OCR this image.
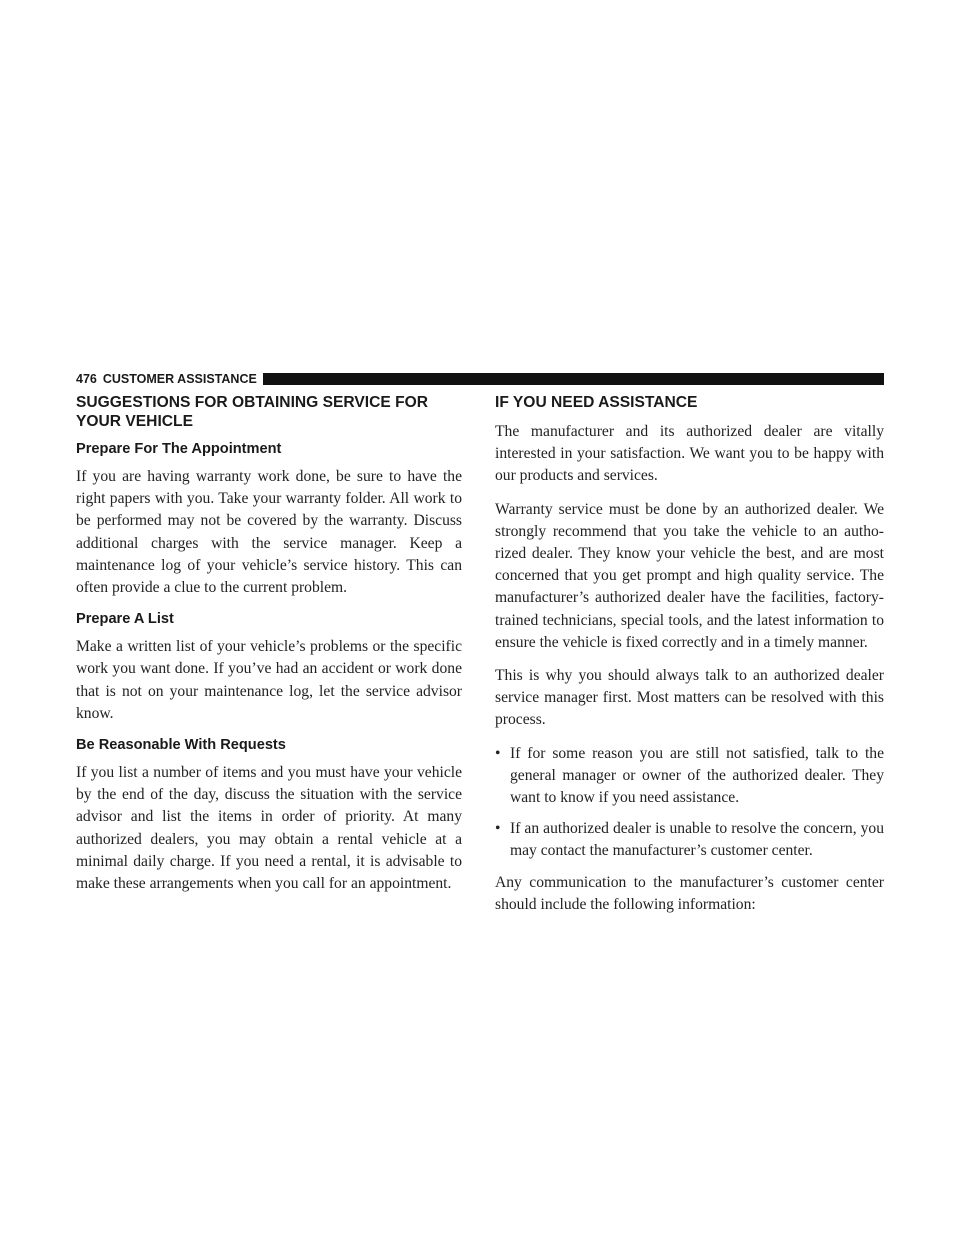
476 CUSTOMER ASSISTANCE
SUGGESTIONS FOR OBTAINING SERVICE FOR YOUR VEHICLE
Prepare For The Appointment

If you are having warranty work done, be sure to have the right papers with you. Take your warranty folder. All work to be performed may not be covered by the warranty. Discuss additional charges with the service manager. Keep a maintenance log of your vehicle’s service history. This can often provide a clue to the current problem.

Prepare A List

Make a written list of your vehicle’s problems or the specific work you want done. If you’ve had an accident or work done that is not on your maintenance log, let the service advisor know.

Be Reasonable With Requests

If you list a number of items and you must have your vehicle by the end of the day, discuss the situation with the service advisor and list the items in order of priority. At many authorized dealers, you may obtain a rental vehicle at a minimal daily charge. If you need a rental, it is advisable to make these arrangements when you call for an appointment.

IF YOU NEED ASSISTANCE

The manufacturer and its authorized dealer are vitally interested in your satisfaction. We want you to be happy with our products and services.

Warranty service must be done by an authorized dealer. We strongly recommend that you take the vehicle to an autho-rized dealer. They know your vehicle the best, and are most concerned that you get prompt and high quality service. The manufacturer’s authorized dealer have the facilities, factory-trained technicians, special tools, and the latest information to ensure the vehicle is fixed correctly and in a timely manner.

This is why you should always talk to an authorized dealer service manager first. Most matters can be resolved with this process.

• If for some reason you are still not satisfied, talk to the general manager or owner of the authorized dealer. They want to know if you need assistance.
• If an authorized dealer is unable to resolve the concern, you may contact the manufacturer’s customer center.

Any communication to the manufacturer’s customer center should include the following information:
